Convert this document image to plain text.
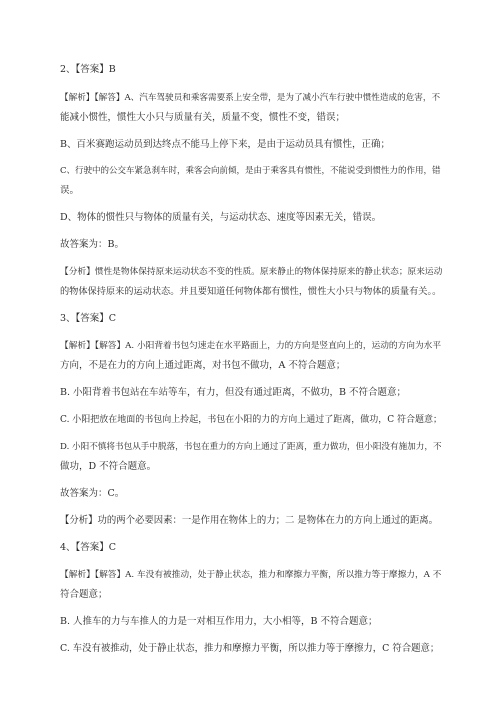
2、【答案】B
【解析】【解答】A、汽车驾驶员和乘客需要系上安全带，是为了减小汽车行驶中惯性造成的危害，不
能减小惯性，惯性大小只与质量有关，质量不变，惯性不变，错误；
B、百米赛跑运动员到达终点不能马上停下来，是由于运动员具有惯性，正确；
C、行驶中的公交车紧急刹车时，乘客会向前倾，是由于乘客具有惯性，不能说受到惯性力的作用，错
误。
D、物体的惯性只与物体的质量有关，与运动状态、速度等因素无关，错误。
故答案为：B。
【分析】惯性是物体保持原来运动状态不变的性质。原来静止的物体保持原来的静止状态；原来运动
的物体保持原来的运动状态。并且要知道任何物体都有惯性，惯性大小只与物体的质量有关。。
3、【答案】C
【解析】【解答】A. 小阳背着书包匀速走在水平路面上，力的方向是竖直向上的，运动的方向为水平
方向，不是在力的方向上通过距离，对书包不做功，A 不符合题意；
B. 小阳背着书包站在车站等车，有力，但没有通过距离，不做功，B 不符合题意；
C. 小阳把放在地面的书包向上拎起，书包在小阳的力的方向上通过了距离，做功，C 符合题意；
D. 小阳不慎将书包从手中脱落，书包在重力的方向上通过了距离，重力做功，但小阳没有施加力，不
做功，D 不符合题意。
故答案为：C。
【分析】功的两个必要因素：一是作用在物体上的力；二 是物体在力的方向上通过的距离。
4、【答案】C
【解析】【解答】A. 车没有被推动，处于静止状态，推力和摩擦力平衡，所以推力等于摩擦力，A 不
符合题意；
B. 人推车的力与车推人的力是一对相互作用力，大小相等，B 不符合题意；
C. 车没有被推动，处于静止状态，推力和摩擦力平衡，所以推力等于摩擦力，C 符合题意；
